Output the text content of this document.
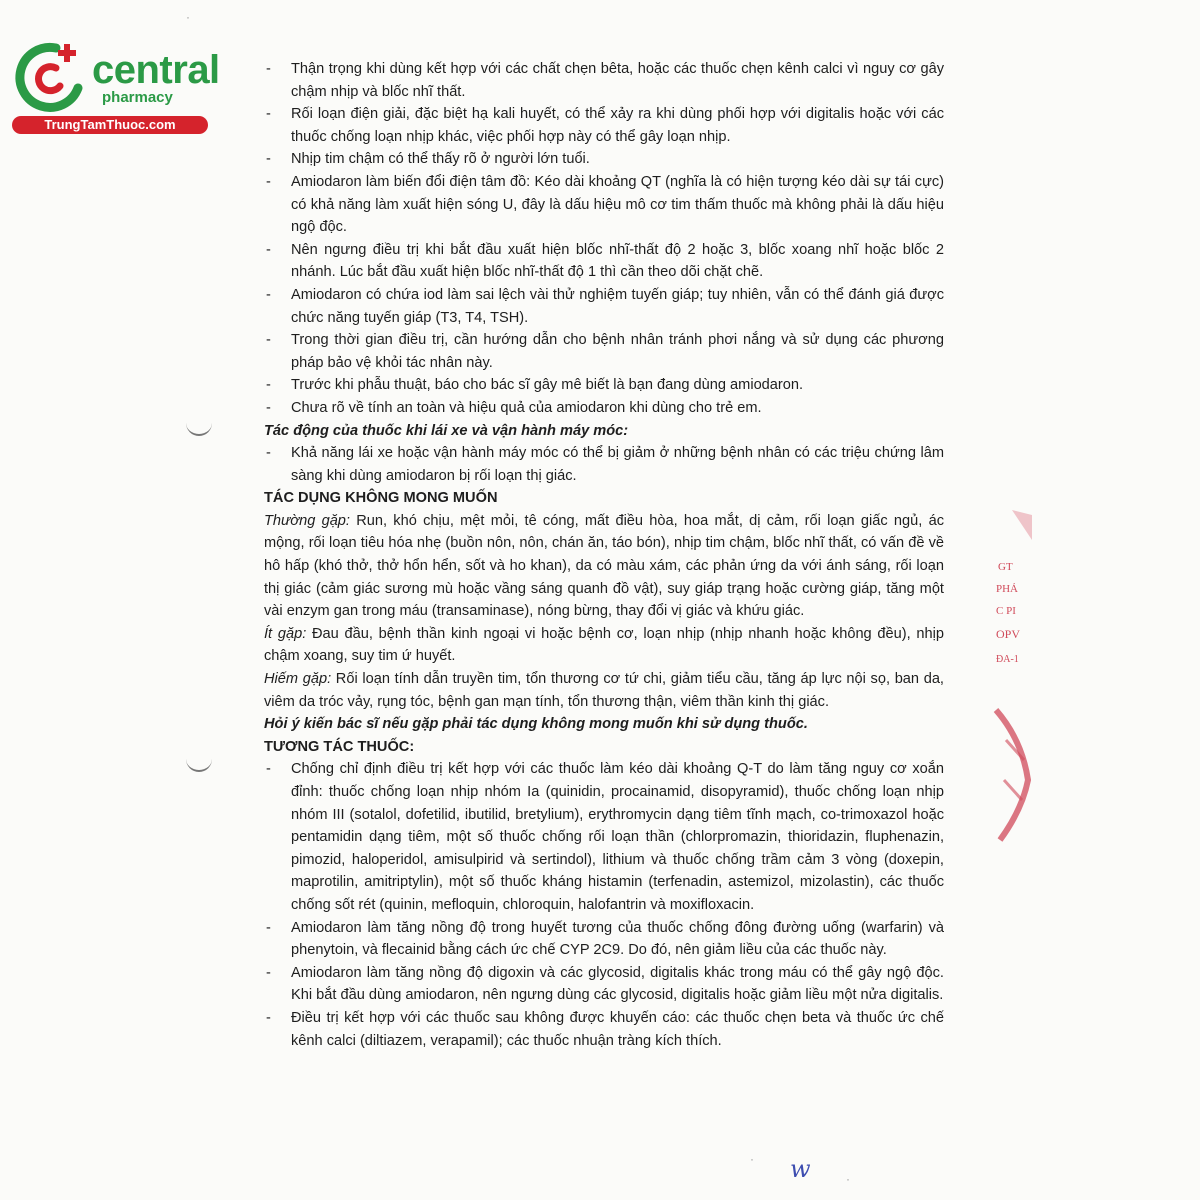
central
pharmacy
TrungTamThuoc.com
GT
PHẢ
C PI
OPV
ĐA-1
w
·
·
·
- Thận trọng khi dùng kết hợp với các chất chẹn bêta, hoặc các thuốc chẹn kênh calci vì nguy cơ gây chậm nhịp và blốc nhĩ thất.
- Rối loạn điện giải, đặc biệt hạ kali huyết, có thể xảy ra khi dùng phối hợp với digitalis hoặc với các thuốc chống loạn nhịp khác, việc phối hợp này có thể gây loạn nhịp.
- Nhịp tim chậm có thể thấy rõ ở người lớn tuổi.
- Amiodaron làm biến đổi điện tâm đồ: Kéo dài khoảng QT (nghĩa là có hiện tượng kéo dài sự tái cực) có khả năng làm xuất hiện sóng U, đây là dấu hiệu mô cơ tim thấm thuốc mà không phải là dấu hiệu ngộ độc.
- Nên ngưng điều trị khi bắt đầu xuất hiện blốc nhĩ-thất độ 2 hoặc 3, blốc xoang nhĩ hoặc blốc 2 nhánh. Lúc bắt đầu xuất hiện blốc nhĩ-thất độ 1 thì cần theo dõi chặt chẽ.
- Amiodaron có chứa iod làm sai lệch vài thử nghiệm tuyến giáp; tuy nhiên, vẫn có thể đánh giá được chức năng tuyến giáp (T3, T4, TSH).
- Trong thời gian điều trị, cần hướng dẫn cho bệnh nhân tránh phơi nắng và sử dụng các phương pháp bảo vệ khỏi tác nhân này.
- Trước khi phẫu thuật, báo cho bác sĩ gây mê biết là bạn đang dùng amiodaron.
- Chưa rõ về tính an toàn và hiệu quả của amiodaron khi dùng cho trẻ em.

Tác động của thuốc khi lái xe và vận hành máy móc:

- Khả năng lái xe hoặc vận hành máy móc có thể bị giảm ở những bệnh nhân có các triệu chứng lâm sàng khi dùng amiodaron bị rối loạn thị giác.

TÁC DỤNG KHÔNG MONG MUỐN

Thường gặp: Run, khó chịu, mệt mỏi, tê cóng, mất điều hòa, hoa mắt, dị cảm, rối loạn giấc ngủ, ác mộng, rối loạn tiêu hóa nhẹ (buồn nôn, nôn, chán ăn, táo bón), nhịp tim chậm, blốc nhĩ thất, có vấn đề về hô hấp (khó thở, thở hổn hển, sốt và ho khan), da có màu xám, các phản ứng da với ánh sáng, rối loạn thị giác (cảm giác sương mù hoặc vầng sáng quanh đồ vật), suy giáp trạng hoặc cường giáp, tăng một vài enzym gan trong máu (transaminase), nóng bừng, thay đổi vị giác và khứu giác.

Ít gặp: Đau đầu, bệnh thần kinh ngoại vi hoặc bệnh cơ, loạn nhịp (nhịp nhanh hoặc không đều), nhịp chậm xoang, suy tim ứ huyết.

Hiếm gặp: Rối loạn tính dẫn truyền tim, tổn thương cơ tứ chi, giảm tiểu cầu, tăng áp lực nội sọ, ban da, viêm da tróc vảy, rụng tóc, bệnh gan mạn tính, tổn thương thận, viêm thần kinh thị giác.

Hỏi ý kiến bác sĩ nếu gặp phải tác dụng không mong muốn khi sử dụng thuốc.

TƯƠNG TÁC THUỐC:

- Chống chỉ định điều trị kết hợp với các thuốc làm kéo dài khoảng Q-T do làm tăng nguy cơ xoắn đỉnh: thuốc chống loạn nhịp nhóm Ia (quinidin, procainamid, disopyramid), thuốc chống loạn nhịp nhóm III (sotalol, dofetilid, ibutilid, bretylium), erythromycin dạng tiêm tĩnh mạch, co-trimoxazol hoặc pentamidin dạng tiêm, một số thuốc chống rối loạn thần (chlorpromazin, thioridazin, fluphenazin, pimozid, haloperidol, amisulpirid và sertindol), lithium và thuốc chống trầm cảm 3 vòng (doxepin, maprotilin, amitriptylin), một số thuốc kháng histamin (terfenadin, astemizol, mizolastin), các thuốc chống sốt rét (quinin, mefloquin, chloroquin, halofantrin và moxifloxacin.
- Amiodaron làm tăng nồng độ trong huyết tương của thuốc chống đông đường uống (warfarin) và phenytoin, và flecainid bằng cách ức chế CYP 2C9. Do đó, nên giảm liều của các thuốc này.
- Amiodaron làm tăng nồng độ digoxin và các glycosid, digitalis khác trong máu có thể gây ngộ độc. Khi bắt đầu dùng amiodaron, nên ngưng dùng các glycosid, digitalis hoặc giảm liều một nửa digitalis.
- Điều trị kết hợp với các thuốc sau không được khuyến cáo: các thuốc chẹn beta và thuốc ức chế kênh calci (diltiazem, verapamil); các thuốc nhuận tràng kích thích.
